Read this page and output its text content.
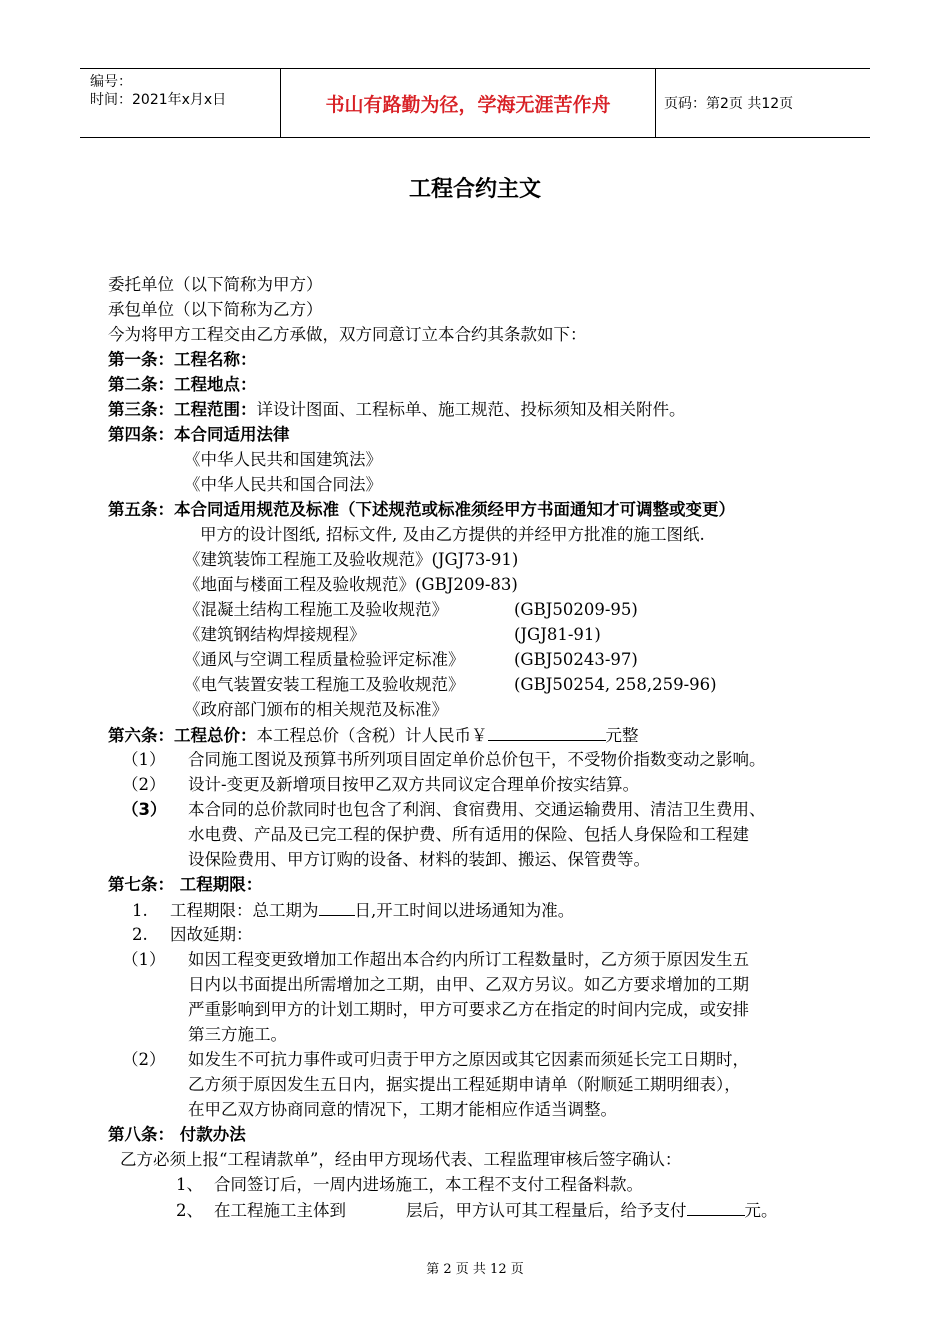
编号：
时间：2021年x月x日	书山有路勤为径，学海无涯苦作舟	页码：第2页 共12页
工程合约主文
委托单位（以下简称为甲方）
承包单位（以下简称为乙方）
今为将甲方工程交由乙方承做，双方同意订立本合约其条款如下：
第一条：工程名称：
第二条：工程地点：
第三条：工程范围：详设计图面、工程标单、施工规范、投标须知及相关附件。
第四条：本合同适用法律
《中华人民共和国建筑法》
《中华人民共和国合同法》
第五条：本合同适用规范及标准（下述规范或标准须经甲方书面通知才可调整或变更）
甲方的设计图纸, 招标文件, 及由乙方提供的并经甲方批准的施工图纸.
《建筑装饰工程施工及验收规范》(JGJ73-91)
《地面与楼面工程及验收规范》(GBJ209-83)
《混凝土结构工程施工及验收规范》	(GBJ50209-95)
《建筑钢结构焊接规程》	(JGJ81-91)
《通风与空调工程质量检验评定标准》	(GBJ50243-97)
《电气装置安装工程施工及验收规范》	(GBJ50254, 258,259-96)
《政府部门颁布的相关规范及标准》
第六条：工程总价：本工程总价（含税）计人民币￥	元整
（1） 合同施工图说及预算书所列项目固定单价总价包干，不受物价指数变动之影响。
（2） 设计-变更及新增项目按甲乙双方共同议定合理单价按实结算。
（3） 本合同的总价款同时也包含了利润、食宿费用、交通运输费用、清洁卫生费用、
水电费、产品及已完工程的保护费、所有适用的保险、包括人身保险和工程建
设保险费用、甲方订购的设备、材料的装卸、搬运、保管费等。
第七条： 工程期限：
1. 工程期限：总工期为 日,开工时间以进场通知为准。
2. 因故延期：
（1） 如因工程变更致增加工作超出本合约内所订工程数量时，乙方须于原因发生五
日内以书面提出所需增加之工期，由甲、乙双方另议。如乙方要求增加的工期
严重影响到甲方的计划工期时，甲方可要求乙方在指定的时间内完成，或安排
第三方施工。
（2） 如发生不可抗力事件或可归责于甲方之原因或其它因素而须延长完工日期时，
乙方须于原因发生五日内，据实提出工程延期申请单（附顺延工期明细表），
在甲乙双方协商同意的情况下，工期才能相应作适当调整。
第八条： 付款办法
乙方必须上报“工程请款单”，经由甲方现场代表、工程监理审核后签字确认：
1、 合同签订后，一周内进场施工，本工程不支付工程备料款。
2、 在工程施工主体到	层后，甲方认可其工程量后，给予支付	元。
第 2 页 共 12 页
